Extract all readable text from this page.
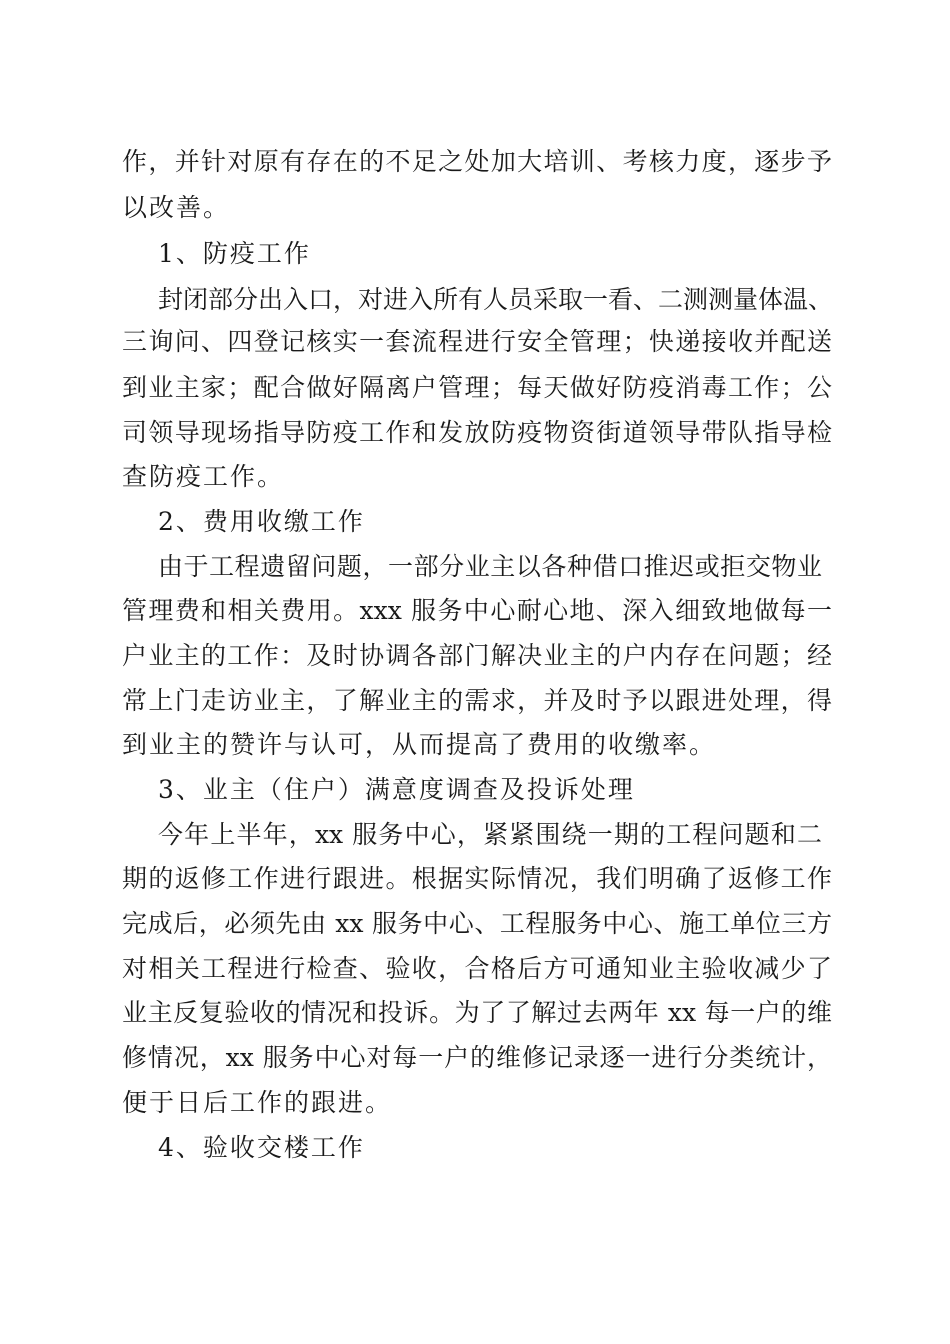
作，并针对原有存在的不足之处加大培训、考核力度，逐步予
以改善。
1、防疫工作
封闭部分出入口，对进入所有人员采取一看、二测测量体温、
三询问、四登记核实一套流程进行安全管理；快递接收并配送
到业主家；配合做好隔离户管理；每天做好防疫消毒工作；公
司领导现场指导防疫工作和发放防疫物资街道领导带队指导检
查防疫工作。
2、费用收缴工作
由于工程遗留问题，一部分业主以各种借口推迟或拒交物业
管理费和相关费用。xxx 服务中心耐心地、深入细致地做每一
户业主的工作：及时协调各部门解决业主的户内存在问题；经
常上门走访业主，了解业主的需求，并及时予以跟进处理，得
到业主的赞许与认可，从而提高了费用的收缴率。
3、业主（住户）满意度调查及投诉处理
今年上半年，xx 服务中心，紧紧围绕一期的工程问题和二
期的返修工作进行跟进。根据实际情况，我们明确了返修工作
完成后，必须先由 xx 服务中心、工程服务中心、施工单位三方
对相关工程进行检查、验收，合格后方可通知业主验收减少了
业主反复验收的情况和投诉。为了了解过去两年 xx 每一户的维
修情况，xx 服务中心对每一户的维修记录逐一进行分类统计，
便于日后工作的跟进。
4、验收交楼工作
